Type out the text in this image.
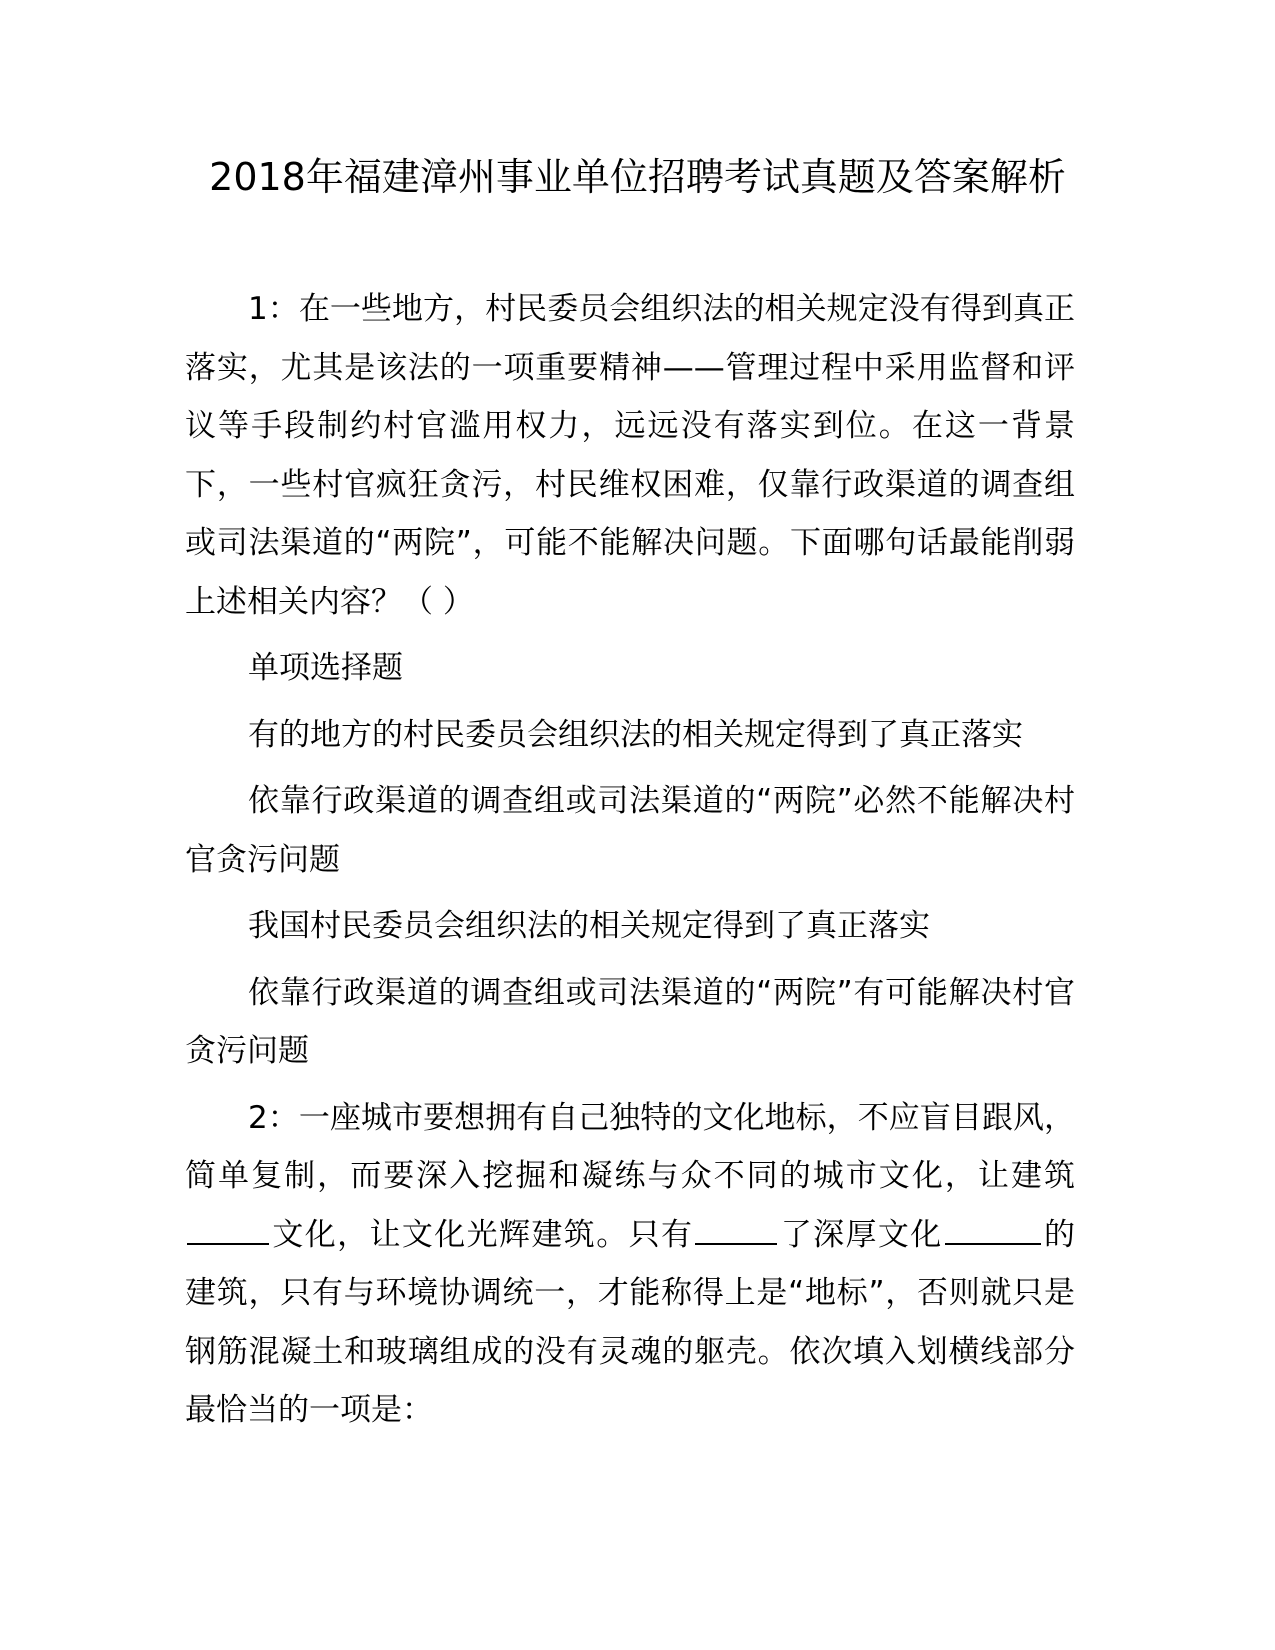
2018年福建漳州事业单位招聘考试真题及答案解析

1：在一些地方，村民委员会组织法的相关规定没有得到真正落实，尤其是该法的一项重要精神——管理过程中采用监督和评议等手段制约村官滥用权力，远远没有落实到位。在这一背景下，一些村官疯狂贪污，村民维权困难，仅靠行政渠道的调查组或司法渠道的“两院”，可能不能解决问题。下面哪句话最能削弱上述相关内容？（ ）

单项选择题

有的地方的村民委员会组织法的相关规定得到了真正落实

依靠行政渠道的调查组或司法渠道的“两院”必然不能解决村官贪污问题

我国村民委员会组织法的相关规定得到了真正落实

依靠行政渠道的调查组或司法渠道的“两院”有可能解决村官贪污问题

2：一座城市要想拥有自己独特的文化地标，不应盲目跟风，简单复制，而要深入挖掘和凝练与众不同的城市文化，让建筑文化，让文化光辉建筑。只有	了深厚文化	的建筑，只有与环境协调统一，才能称得上是“地标”，否则就只是钢筋混凝土和玻璃组成的没有灵魂的躯壳。依次填入划横线部分最恰当的一项是：
